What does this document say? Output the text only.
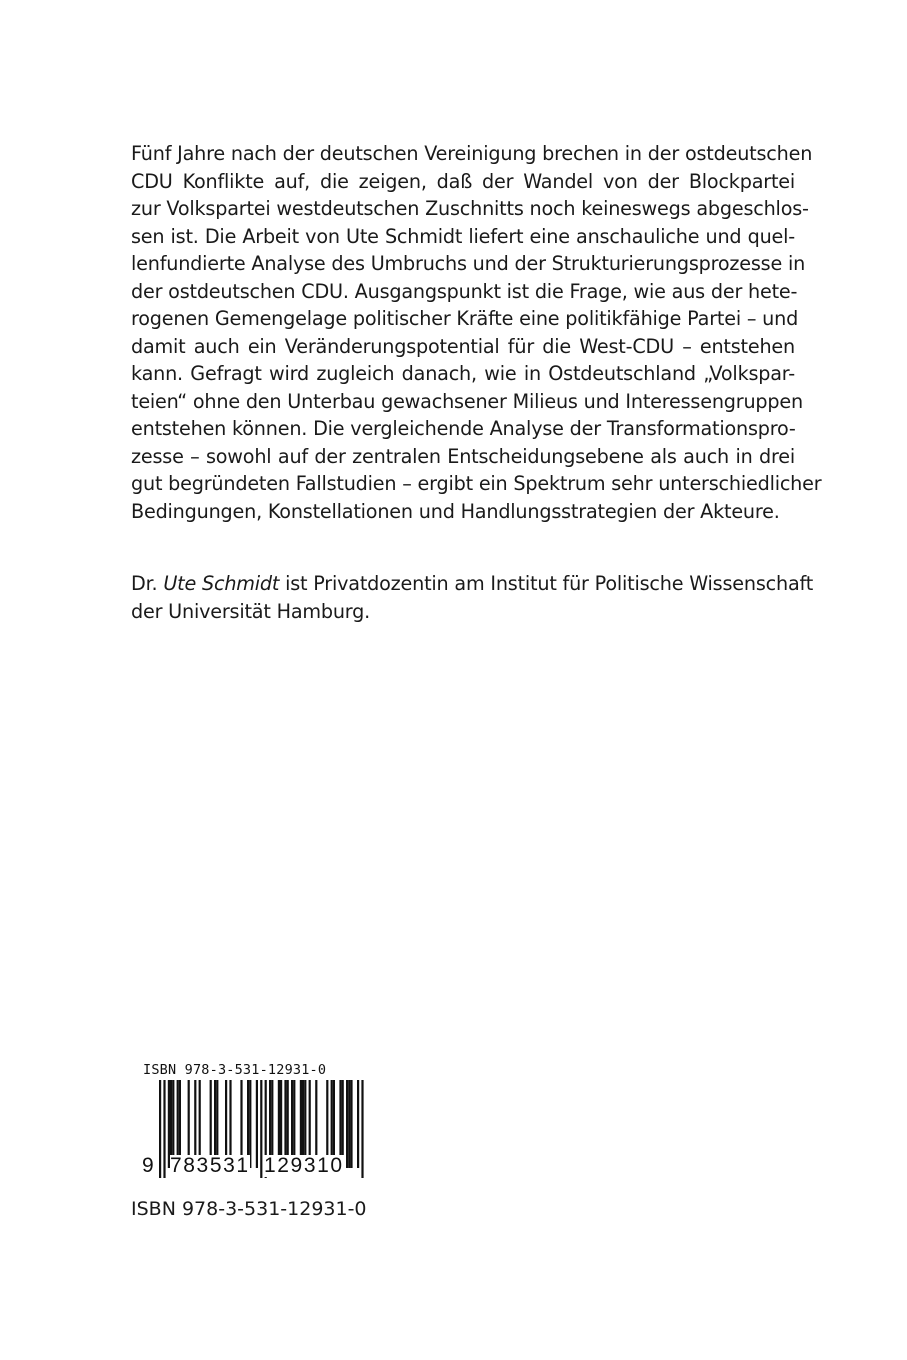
Fünf Jahre nach der deutschen Vereinigung brechen in der ostdeutschen
CDU Konflikte auf, die zeigen, daß der Wandel von der Blockpartei
zur Volkspartei westdeutschen Zuschnitts noch keineswegs abgeschlos-
sen ist. Die Arbeit von Ute Schmidt liefert eine anschauliche und quel-
lenfundierte Analyse des Umbruchs und der Strukturierungsprozesse in
der ostdeutschen CDU. Ausgangspunkt ist die Frage, wie aus der hete-
rogenen Gemengelage politischer Kräfte eine politikfähige Partei – und
damit auch ein Veränderungspotential für die West-CDU – entstehen
kann. Gefragt wird zugleich danach, wie in Ostdeutschland „Volkspar-
teien“ ohne den Unterbau gewachsener Milieus und Interessengruppen
entstehen können. Die vergleichende Analyse der Transformationspro-
zesse – sowohl auf der zentralen Entscheidungsebene als auch in drei
gut begründeten Fallstudien – ergibt ein Spektrum sehr unterschiedlicher
Bedingungen, Konstellationen und Handlungsstrategien der Akteure.
Dr. Ute Schmidt ist Privatdozentin am Institut für Politische Wissenschaft
der Universität Hamburg.
ISBN 978-3-531-12931-0
9 783531 129310
ISBN 978-3-531-12931-0
